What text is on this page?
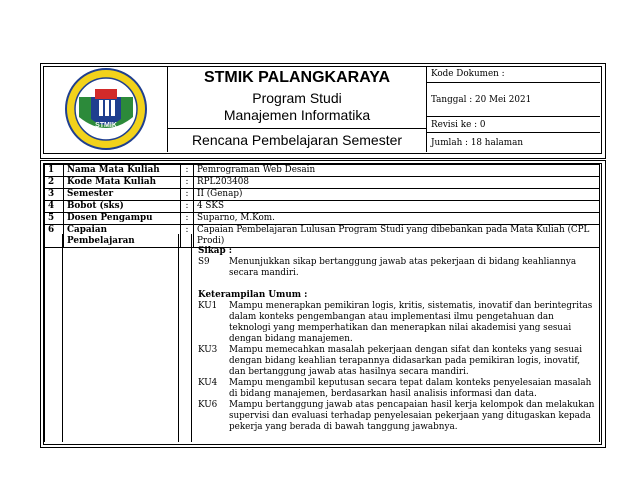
STMIK
STMIK PALANGKARAYA
Program Studi
Manajemen Informatika
Rencana Pembelajaran Semester
Kode Dokumen :
Tanggal : 20 Mei 2021
Revisi ke : 0
Jumlah : 18 halaman
1	Nama Mata Kuliah	:	Pemrograman Web Desain
2	Kode Mata Kuliah	:	RPL203408
3	Semester	:	II (Genap)
4	Bobot (sks)	:	4 SKS
5	Dosen Pengampu	:	Suparno, M.Kom.
6	Capaian Pembelajaran	:	Capaian Pembelajaran Lulusan Program Studi yang dibebankan pada Mata Kuliah (CPL Prodi)
Sikap :
S9	Menunjukkan sikap bertanggung jawab atas pekerjaan di bidang keahliannya secara mandiri.
Keterampilan Umum :
KU1	Mampu menerapkan pemikiran logis, kritis, sistematis, inovatif dan berintegritas dalam konteks pengembangan atau implementasi ilmu pengetahuan dan teknologi yang memperhatikan dan menerapkan nilai akademisi yang sesuai dengan bidang manajemen.
KU3	Mampu memecahkan masalah pekerjaan dengan sifat dan konteks yang sesuai dengan bidang keahlian terapannya didasarkan pada pemikiran logis, inovatif, dan bertanggung jawab atas hasilnya secara mandiri.
KU4	Mampu mengambil keputusan secara tepat dalam konteks penyelesaian masalah di bidang manajemen, berdasarkan hasil analisis informasi dan data.
KU6	Mampu bertanggung jawab atas pencapaian hasil kerja kelompok dan melakukan supervisi dan evaluasi terhadap penyelesaian pekerjaan yang ditugaskan kepada pekerja yang berada di bawah tanggung jawabnya.
